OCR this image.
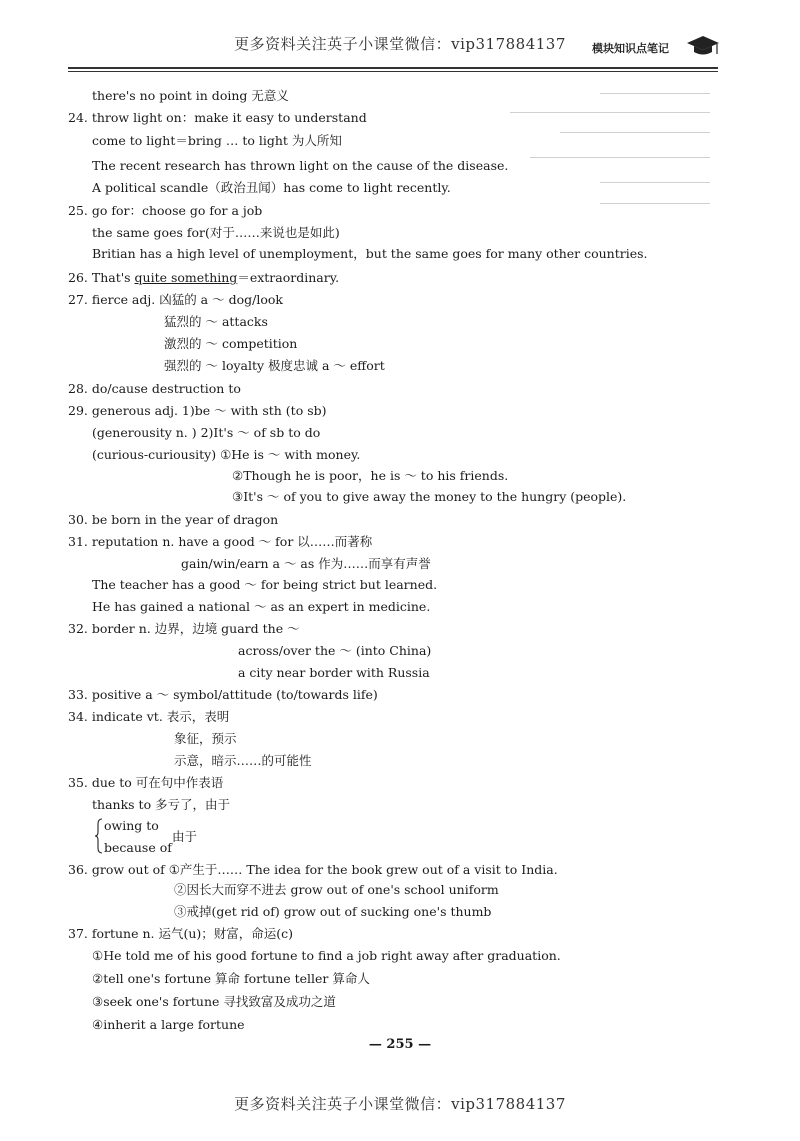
更多资料关注英子小课堂微信：vip317884137	模块知识点笔记
there's no point in doing 无意义
24. throw light on：make it easy to understand
come to light＝bring … to light 为人所知
The recent research has thrown light on the cause of the disease.
A political scandle（政治丑闻）has come to light recently.
25. go for：choose go for a job
the same goes for(对于……来说也是如此)
Britian has a high level of unemployment，but the same goes for many other countries.
26. That's quite something＝extraordinary.
27. fierce adj. 凶猛的 a ～ dog/look
猛烈的 ～ attacks
激烈的 ～ competition
强烈的 ～ loyalty 极度忠诚 a ～ effort
28. do/cause destruction to
29. generous adj. 1)be ～ with sth (to sb)
(generousity n. ) 2)It's ～ of sb to do
(curious-curiousity) ①He is ～ with money.
②Though he is poor，he is ～ to his friends.
③It's ～ of you to give away the money to the hungry (people).
30. be born in the year of dragon
31. reputation n. have a good ～ for 以……而著称
gain/win/earn a ～ as 作为……而享有声誉
The teacher has a good ～ for being strict but learned.
He has gained a national ～ as an expert in medicine.
32. border n. 边界，边境 guard the ～
across/over the ～ (into China)
a city near border with Russia
33. positive a ～ symbol/attitude (to/towards life)
34. indicate vt. 表示，表明
象征，预示
示意，暗示……的可能性
35. due to 可在句中作表语
thanks to 多亏了，由于
owing to
由于
because of
36. grow out of ①产生于…… The idea for the book grew out of a visit to India.
②因长大而穿不进去 grow out of one's school uniform
③戒掉(get rid of) grow out of sucking one's thumb
37. fortune n. 运气(u)；财富，命运(c)
①He told me of his good fortune to find a job right away after graduation.
②tell one's fortune 算命 fortune teller 算命人
③seek one's fortune 寻找致富及成功之道
④inherit a large fortune
— 255 —
更多资料关注英子小课堂微信：vip317884137
